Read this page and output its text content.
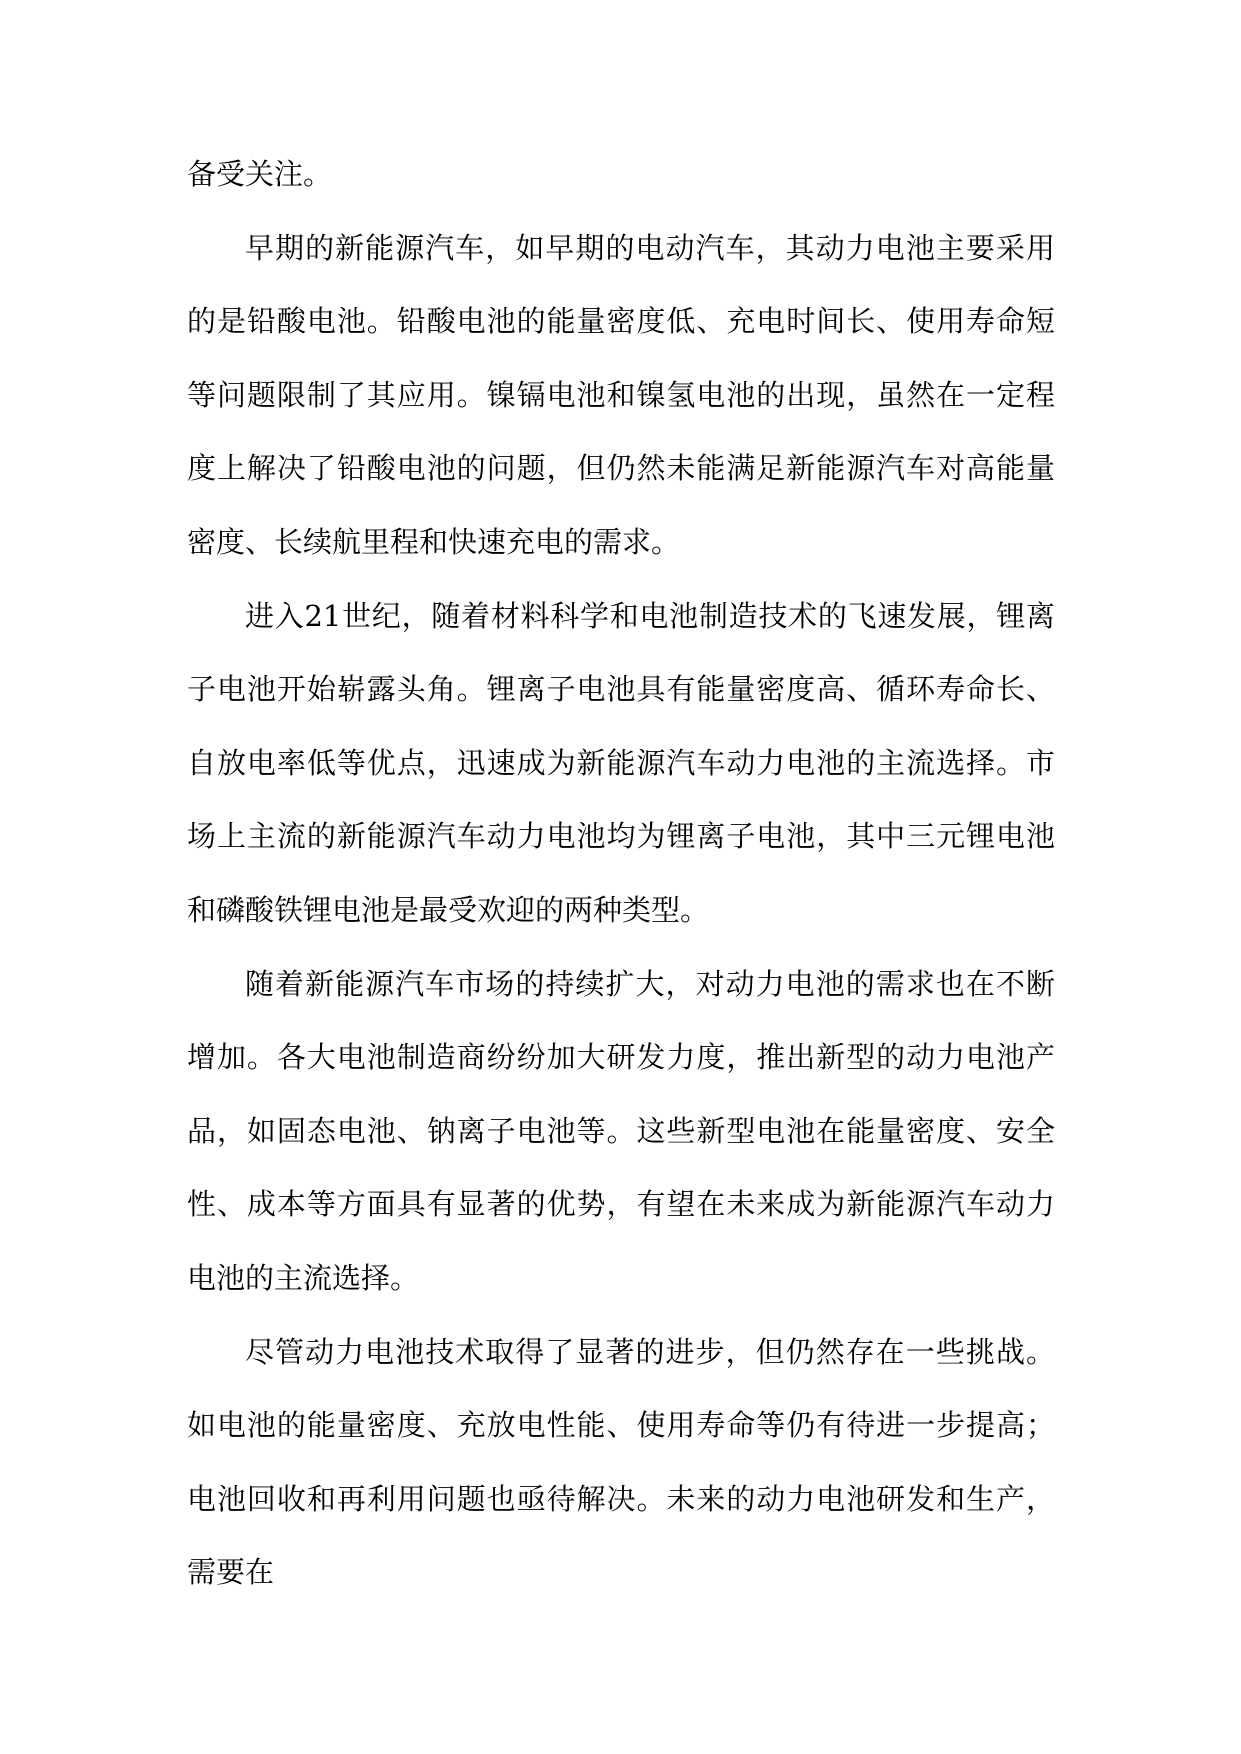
备受关注。

早期的新能源汽车，如早期的电动汽车，其动力电池主要采用的是铅酸电池。铅酸电池的能量密度低、充电时间长、使用寿命短等问题限制了其应用。镍镉电池和镍氢电池的出现，虽然在一定程度上解决了铅酸电池的问题，但仍然未能满足新能源汽车对高能量密度、长续航里程和快速充电的需求。

进入21世纪，随着材料科学和电池制造技术的飞速发展，锂离子电池开始崭露头角。锂离子电池具有能量密度高、循环寿命长、自放电率低等优点，迅速成为新能源汽车动力电池的主流选择。市场上主流的新能源汽车动力电池均为锂离子电池，其中三元锂电池和磷酸铁锂电池是最受欢迎的两种类型。

随着新能源汽车市场的持续扩大，对动力电池的需求也在不断增加。各大电池制造商纷纷加大研发力度，推出新型的动力电池产品，如固态电池、钠离子电池等。这些新型电池在能量密度、安全性、成本等方面具有显著的优势，有望在未来成为新能源汽车动力电池的主流选择。

尽管动力电池技术取得了显著的进步，但仍然存在一些挑战。如电池的能量密度、充放电性能、使用寿命等仍有待进一步提高；电池回收和再利用问题也亟待解决。未来的动力电池研发和生产，需要在
